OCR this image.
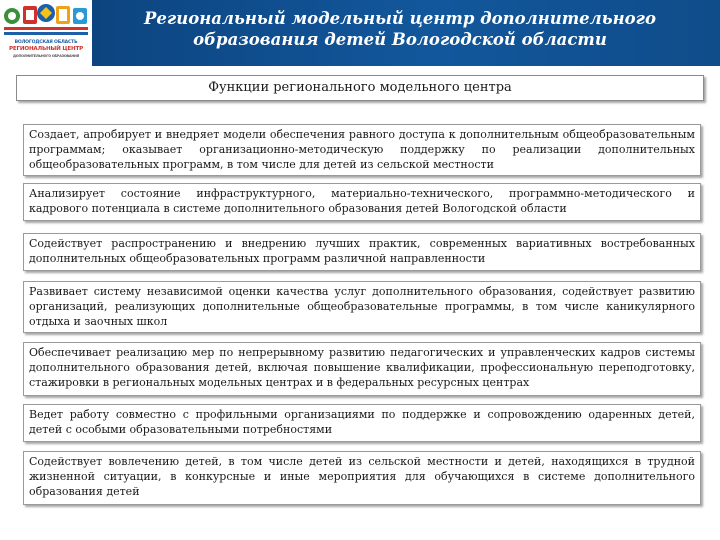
ВОЛОГОДСКАЯ ОБЛАСТЬ
РЕГИОНАЛЬНЫЙ ЦЕНТР
ДОПОЛНИТЕЛЬНОГО ОБРАЗОВАНИЯ
Региональный модельный центр дополнительного образования детей Вологодской области
Функции регионального модельного центра
Создает, апробирует и внедряет модели обеспечения равного доступа к дополнительным общеобразовательным программам; оказывает организационно-методическую поддержку по реализации дополнительных общеобразовательных программ, в том числе для детей из сельской местности
Анализирует состояние инфраструктурного, материально-технического, программно-методического и кадрового потенциала в системе дополнительного образования детей Вологодской области
Содействует распространению и внедрению лучших практик, современных вариативных востребованных дополнительных общеобразовательных программ различной направленности
Развивает систему независимой оценки качества услуг дополнительного образования, содействует развитию организаций, реализующих дополнительные общеобразовательные программы, в том числе каникулярного отдыха и заочных школ
Обеспечивает реализацию мер по непрерывному развитию педагогических и управленческих кадров системы дополнительного образования детей, включая повышение квалификации, профессиональную переподготовку, стажировки в региональных модельных центрах и в федеральных ресурсных центрах
Ведет работу совместно с профильными организациями по поддержке и сопровождению одаренных детей, детей с особыми образовательными потребностями
Содействует вовлечению детей, в том числе детей из сельской местности и детей, находящихся в трудной жизненной ситуации, в конкурсные и иные мероприятия для обучающихся в системе дополнительного образования детей
